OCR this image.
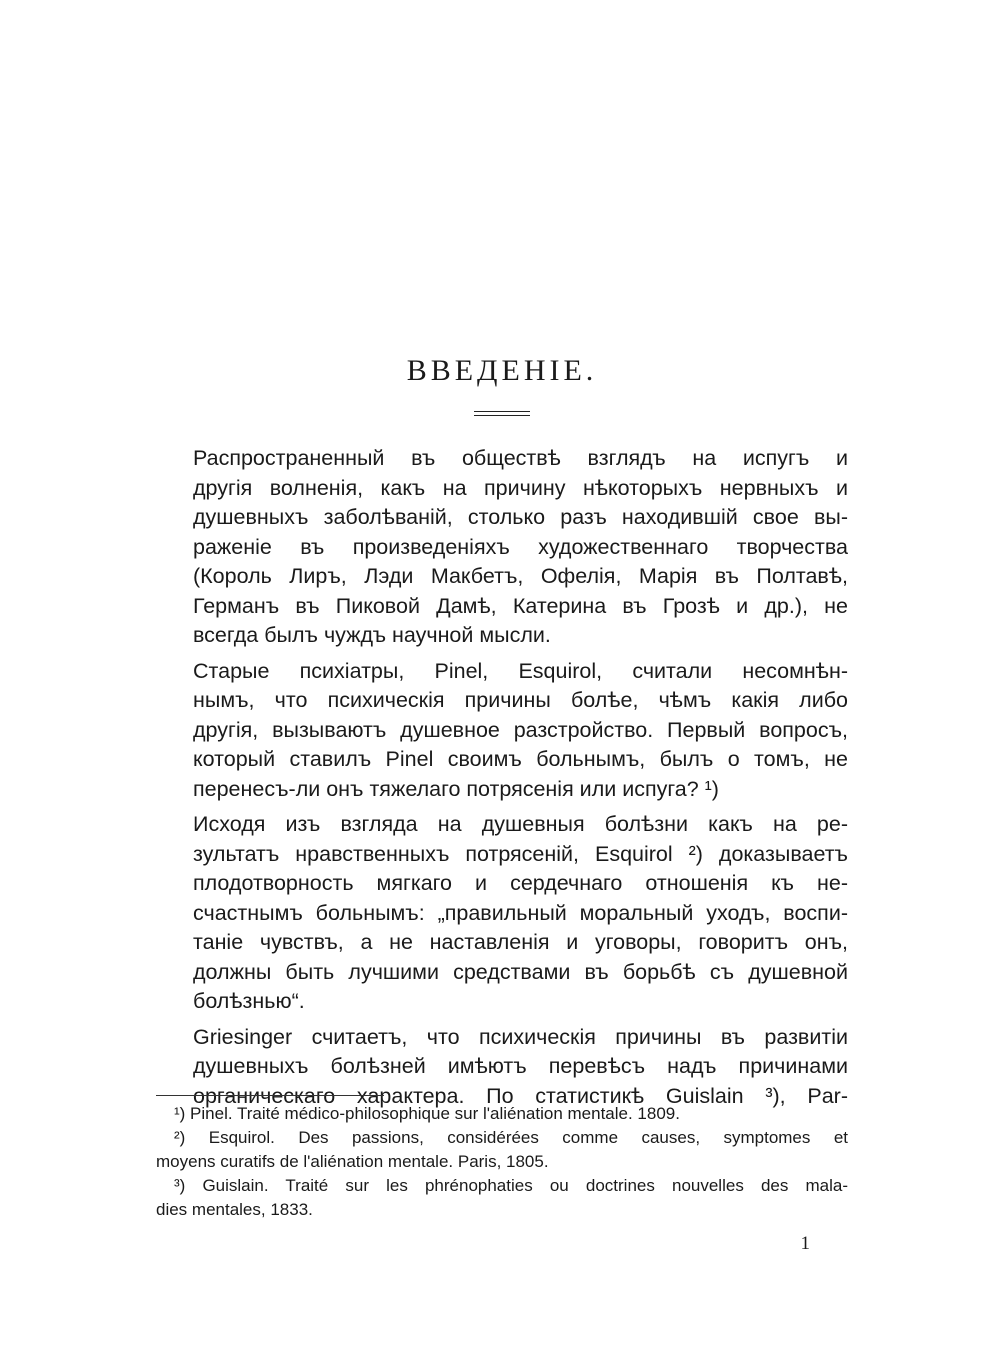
ВВЕДЕНІЕ.

Распространенный въ обществѣ взглядъ на испугъ и
другія волненія, какъ на причину нѣкоторыхъ нервныхъ и
душевныхъ заболѣваній, столько разъ находившій свое вы-
раженіе въ произведеніяхъ художественнаго творчества
(Король Лиръ, Лэди Макбетъ, Офелія, Марія въ Полтавѣ,
Германъ въ Пиковой Дамѣ, Катерина въ Грозѣ и др.), не
всегда былъ чуждъ научной мысли.

Старые психіатры, Pinel, Esquirol, считали несомнѣн-
нымъ, что психическія причины болѣе, чѣмъ какія либо
другія, вызываютъ душевное разстройство. Первый вопросъ,
который ставилъ Pinel своимъ больнымъ, былъ о томъ, не
перенесъ-ли онъ тяжелаго потрясенія или испуга? ¹)

Исходя изъ взгляда на душевныя болѣзни какъ на ре-
зультатъ нравственныхъ потрясеній, Esquirol ²) доказываетъ
плодотворность мягкаго и сердечнаго отношенія къ не-
счастнымъ больнымъ: „правильный моральный уходъ, воспи-
таніе чувствъ, а не наставленія и уговоры, говоритъ онъ,
должны быть лучшими средствами въ борьбѣ съ душевной
болѣзнью“.

Griesinger считаетъ, что психическія причины въ развитіи
душевныхъ болѣзней имѣютъ перевѣсъ надъ причинами
органическаго характера. По статистикѣ Guislain ³), Par-

¹) Pinel. Traité médico-philosophique sur l'aliénation mentale. 1809.
²) Esquirol. Des passions, considérées comme causes, symptomes et
moyens curatifs de l'aliénation mentale. Paris, 1805.
³) Guislain. Traité sur les phrénophaties ou doctrines nouvelles des mala-
dies mentales, 1833.
1
